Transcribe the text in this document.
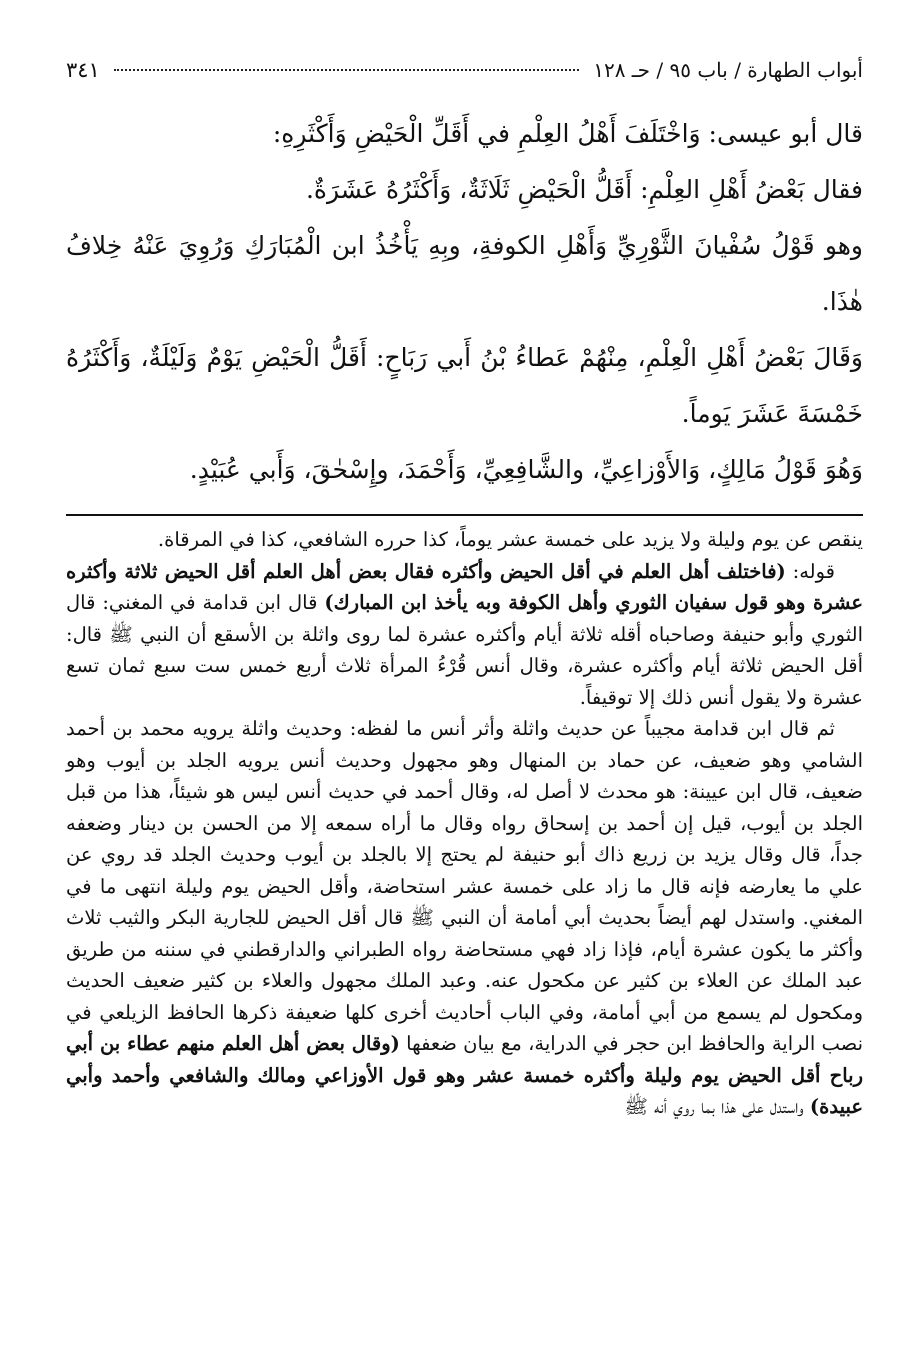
أبواب الطهارة / باب ٩٥ / حـ ١٢٨
٣٤١

قال أبو عيسى: وَاخْتَلَفَ أَهْلُ العِلْمِ في أَقَلِّ الْحَيْضِ وَأَكْثَرِهِ:

فقال بَعْضُ أَهْلِ العِلْمِ: أَقَلُّ الْحَيْضِ ثَلَاثَةٌ، وَأَكْثَرُهُ عَشَرَةٌ.

وهو قَوْلُ سُفْيانَ الثَّوْرِيِّ وَأَهْلِ الكوفةِ، وبِهِ يَأْخُذُ ابن الْمُبَارَكِ وَرُوِيَ عَنْهُ خِلافُ هٰذَا.

وَقَالَ بَعْضُ أَهْلِ الْعِلْمِ، مِنْهُمْ عَطاءُ بْنُ أَبي رَبَاحٍ: أَقَلُّ الْحَيْضِ يَوْمٌ وَلَيْلَةٌ، وَأَكْثَرُهُ خَمْسَةَ عَشَرَ يَوماً.

وَهُوَ قَوْلُ مَالِكٍ، وَالأَوْزاعِيِّ، والشَّافِعِيِّ، وَأَحْمَدَ، وإِسْحٰقَ، وَأَبي عُبَيْدٍ.

ينقص عن يوم وليلة ولا يزيد على خمسة عشر يوماً، كذا حرره الشافعي، كذا في المرقاة.

قوله: (فاختلف أهل العلم في أقل الحيض وأكثره فقال بعض أهل العلم أقل الحيض ثلاثة وأكثره عشرة وهو قول سفيان الثوري وأهل الكوفة وبه يأخذ ابن المبارك) قال ابن قدامة في المغني: قال الثوري وأبو حنيفة وصاحباه أقله ثلاثة أيام وأكثره عشرة لما روى واثلة بن الأسقع أن النبي ﷺ قال: أقل الحيض ثلاثة أيام وأكثره عشرة، وقال أنس قُرْءُ المرأة ثلاث أربع خمس ست سبع ثمان تسع عشرة ولا يقول أنس ذلك إلا توقيفاً.

ثم قال ابن قدامة مجيباً عن حديث واثلة وأثر أنس ما لفظه: وحديث واثلة يرويه محمد بن أحمد الشامي وهو ضعيف، عن حماد بن المنهال وهو مجهول وحديث أنس يرويه الجلد بن أيوب وهو ضعيف، قال ابن عيينة: هو محدث لا أصل له، وقال أحمد في حديث أنس ليس هو شيئاً، هذا من قبل الجلد بن أيوب، قيل إن أحمد بن إسحاق رواه وقال ما أراه سمعه إلا من الحسن بن دينار وضعفه جداً، قال وقال يزيد بن زريع ذاك أبو حنيفة لم يحتج إلا بالجلد بن أيوب وحديث الجلد قد روي عن علي ما يعارضه فإنه قال ما زاد على خمسة عشر استحاضة، وأقل الحيض يوم وليلة انتهى ما في المغني. واستدل لهم أيضاً بحديث أبي أمامة أن النبي ﷺ قال أقل الحيض للجارية البكر والثيب ثلاث وأكثر ما يكون عشرة أيام، فإذا زاد فهي مستحاضة رواه الطبراني والدارقطني في سننه من طريق عبد الملك عن العلاء بن كثير عن مكحول عنه. وعبد الملك مجهول والعلاء بن كثير ضعيف الحديث ومكحول لم يسمع من أبي أمامة، وفي الباب أحاديث أخرى كلها ضعيفة ذكرها الحافظ الزيلعي في نصب الراية والحافظ ابن حجر في الدراية، مع بيان ضعفها (وقال بعض أهل العلم منهم عطاء بن أبي رباح أقل الحيض يوم وليلة وأكثره خمسة عشر وهو قول الأوزاعي ومالك والشافعي وأحمد وأبي عبيدة) واستدل على هذا بما روي أنه ﷺ
